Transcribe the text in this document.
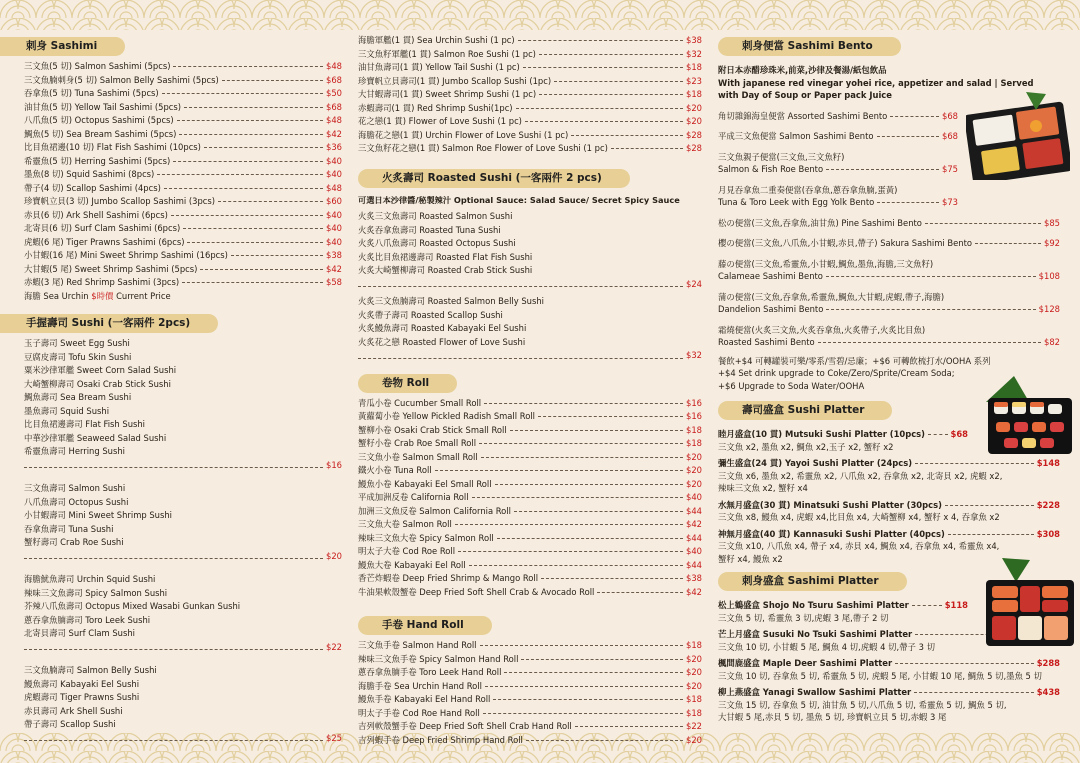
刺身 Sashimi
三文魚(5 切) Salmon Sashimi (5pcs)	$48
三文魚腩刺身(5 切) Salmon Belly Sashimi (5pcs)	$68
吞拿魚(5 切) Tuna Sashimi (5pcs)	$50
油甘魚(5 切) Yellow Tail Sashimi (5pcs)	$68
八爪魚(5 切) Octopus Sashimi (5pcs)	$48
鯛魚(5 切) Sea Bream Sashimi (5pcs)	$42
比目魚裙邊(10 切) Flat Fish Sashimi (10pcs)	$36
希靈魚(5 切) Herring Sashimi (5pcs)	$40
墨魚(8 切) Squid Sashimi (8pcs)	$40
帶子(4 切) Scallop Sashimi (4pcs)	$48
珍寶帆立貝(3 切) Jumbo Scallop Sashimi (3pcs)	$60
赤貝(6 切) Ark Shell Sashimi (6pcs)	$40
北寄貝(6 切) Surf Clam Sashimi (6pcs)	$40
虎蝦(6 尾) Tiger Prawns Sashimi (6pcs)	$40
小甘蝦(16 尾) Mini Sweet Shrimp Sashimi (16pcs)	$38
大甘蝦(5 尾) Sweet Shrimp Sashimi (5pcs)	$42
赤蝦(3 尾) Red Shrimp Sashimi (3pcs)	$58
海膽 Sea Urchin
$時價
Current Price
手握壽司 Sushi (一客兩件 2pcs)
玉子壽司 Sweet Egg Sushi
豆腐皮壽司 Tofu Skin Sushi
粟米沙律軍艦 Sweet Corn Salad Sushi
大崎蟹柳壽司 Osaki Crab Stick Sushi
鯛魚壽司 Sea Bream Sushi
墨魚壽司 Squid Sushi
比目魚裙邊壽司 Flat Fish Sushi
中華沙律軍艦 Seaweed Salad Sushi
希靈魚壽司 Herring Sushi
$16
三文魚壽司 Salmon Sushi
八爪魚壽司 Octopus Sushi
小甘蝦壽司 Mini Sweet Shrimp Sushi
吞拿魚壽司 Tuna Sushi
蟹籽壽司 Crab Roe Sushi
$20
海膽魷魚壽司 Urchin Squid Sushi
辣味三文魚壽司 Spicy Salmon Sushi
芥辣八爪魚壽司 Octopus Mixed Wasabi Gunkan Sushi
蔥吞拿魚腩壽司 Toro Leek Sushi
北寄貝壽司 Surf Clam Sushi
$22
三文魚腩壽司 Salmon Belly Sushi
鰻魚壽司 Kabayaki Eel Sushi
虎蝦壽司 Tiger Prawns Sushi
赤貝壽司 Ark Shell Sushi
帶子壽司 Scallop Sushi
$25
海膽軍艦(1 貫) Sea Urchin Sushi (1 pc)	$38
三文魚籽軍艦(1 貫) Salmon Roe Sushi (1 pc)	$32
油甘魚壽司(1 貫) Yellow Tail Sushi (1 pc)	$18
珍寶帆立貝壽司(1 貫) Jumbo Scallop Sushi (1pc)	$23
大甘蝦壽司(1 貫) Sweet Shrimp Sushi (1 pc)	$18
赤蝦壽司(1 貫) Red Shrimp Sushi(1pc)	$20
花之戀(1 貫) Flower of Love Sushi (1 pc)	$20
海膽花之戀(1 貫) Urchin Flower of Love Sushi (1 pc)	$28
三文魚籽花之戀(1 貫) Salmon Roe Flower of Love Sushi (1 pc)	$28
火炙壽司 Roasted Sushi (一客兩件 2 pcs)
可選日本沙律醬/秘製辣汁 Optional Sauce: Salad Sauce/ Secret Spicy Sauce
火炙三文魚壽司 Roasted Salmon Sushi
火炙吞拿魚壽司 Roasted Tuna Sushi
火炙八爪魚壽司 Roasted Octopus Sushi
火炙比目魚裙邊壽司 Roasted Flat Fish Sushi
火炙大崎蟹柳壽司 Roasted Crab Stick Sushi
$24
火炙三文魚腩壽司 Roasted Salmon Belly Sushi
火炙帶子壽司 Roasted Scallop Sushi
火炙鰻魚壽司 Roasted Kabayaki Eel Sushi
火炙花之戀 Roasted Flower of Love Sushi
$32
卷物 Roll
青瓜小卷 Cucumber Small Roll	$16
黃蘿蔔小卷 Yellow Pickled Radish Small Roll	$16
蟹柳小卷 Osaki Crab Stick Small Roll	$18
蟹籽小卷 Crab Roe Small Roll	$18
三文魚小卷 Salmon Small Roll	$20
鐵火小卷 Tuna Roll	$20
鰻魚小卷 Kabayaki Eel Small Roll	$20
平成加洲反卷 California Roll	$40
加洲三文魚反卷 Salmon California Roll	$44
三文魚大卷 Salmon Roll	$42
辣味三文魚大卷 Spicy Salmon Roll	$44
明太子大卷 Cod Roe Roll	$40
鰻魚大卷 Kabayaki Eel Roll	$44
香芒炸蝦卷 Deep Fried Shrimp & Mango Roll	$38
牛油果軟殼蟹卷 Deep Fried Soft Shell Crab & Avocado Roll	$42
手卷 Hand Roll
三文魚手卷 Salmon Hand Roll	$18
辣味三文魚手卷 Spicy Salmon Hand Roll	$20
蔥吞拿魚腩手卷 Toro Leek Hand Roll	$20
海膽手卷 Sea Urchin Hand Roll	$20
鰻魚手卷 Kabayaki Eel Hand Roll	$18
明太子手卷 Cod Roe Hand Roll	$18
吉列軟殼蟹手卷 Deep Fried Soft Shell Crab Hand Roll	$22
吉列蝦手卷 Deep Fried Shrimp Hand Roll	$20
刺身便當 Sashimi Bento
附日本赤醋珍珠米,前菜,沙律及餐湯/紙包飲品
With japanese red vinegar yohei rice, appetizer and salad | Served with Day of Soup or Paper pack Juice
角切雜錦海皇便當 Assorted Sashimi Bento	$68
平成三文魚便當 Salmon Sashimi Bento	$68
三文魚親子便當(三文魚,三文魚籽)
Salmon & Fish Roe Bento	$75
月見吞拿魚二重奏便當(吞拿魚,蔥吞拿魚腩,蛋黃)
Tuna & Toro Leek with Egg Yolk Bento	$73
松の便當(三文魚,吞拿魚,油甘魚) Pine Sashimi Bento	$85
櫻の便當(三文魚,八爪魚,小甘蝦,赤貝,帶子) Sakura Sashimi Bento	$92
藤の便當(三文魚,希靈魚,小甘蝦,鯛魚,墨魚,海膽,三文魚籽)
Calameae Sashimi Bento	$108
蒲の便當(三文魚,吞拿魚,希靈魚,鯛魚,大甘蝦,虎蝦,帶子,海膽)
Dandelion Sashimi Bento	$128
霜燒便當(火炙三文魚,火炙吞拿魚,火炙帶子,火炙比目魚)
Roasted Sashimi Bento	$82
餐飲+$4 可轉罐裝可樂/零系/雪碧/忌廉；+$6 可轉飲梳打水/OOHA 系列
+$4 Set drink upgrade to Coke/Zero/Sprite/Cream Soda;
+$6 Upgrade to Soda Water/OOHA
壽司盛盒 Sushi Platter
睦月盛盒(10 貫) Mutsuki Sushi Platter (10pcs)	$68
三文魚 x2, 墨魚 x2, 鯛魚 x2,玉子 x2, 蟹籽 x2
彌生盛盒(24 貫) Yayoi Sushi Platter (24pcs)	$148
三文魚 x6, 墨魚 x2, 希靈魚 x2, 八爪魚 x2, 吞拿魚 x2, 北寄貝 x2, 虎蝦 x2,
辣味三文魚 x2, 蟹籽 x4
水無月盛盒(30 貫) Minatsuki Sushi Platter (30pcs)	$228
三文魚 x8, 鰻魚 x4, 虎蝦 x4,比目魚 x4, 大崎蟹柳 x4, 蟹籽 x 4, 吞拿魚 x2
神無月盛盒(40 貫) Kannasuki Sushi Platter (40pcs)	$308
三文魚 x10, 八爪魚 x4, 帶子 x4, 赤貝 x4, 鯛魚 x4, 吞拿魚 x4, 希靈魚 x4,
蟹籽 x4, 鰻魚 x2
刺身盛盒 Sashimi Platter
松上鶴盛盒 Shojo No Tsuru Sashimi Platter	$118
三文魚 5 切, 希靈魚 3 切,虎蝦 3 尾,帶子 2 切
芒上月盛盒 Susuki No Tsuki Sashimi Platter
三文魚 10 切, 小甘蝦 5 尾, 鯛魚 4 切,虎蝦 4 切,帶子 3 切
楓間鹿盛盒 Maple Deer Sashimi Platter	$288
三文魚 10 切, 吞拿魚 5 切, 希靈魚 5 切, 虎蝦 5 尾, 小甘蝦 10 尾, 鯛魚 5 切,墨魚 5 切
柳上燕盛盒 Yanagi Swallow Sashimi Platter	$438
三文魚 15 切, 吞拿魚 5 切, 油甘魚 5 切,八爪魚 5 切, 希靈魚 5 切, 鯛魚 5 切,
大甘蝦 5 尾,赤貝 5 切, 墨魚 5 切, 珍寶帆立貝 5 切,赤蝦 3 尾
